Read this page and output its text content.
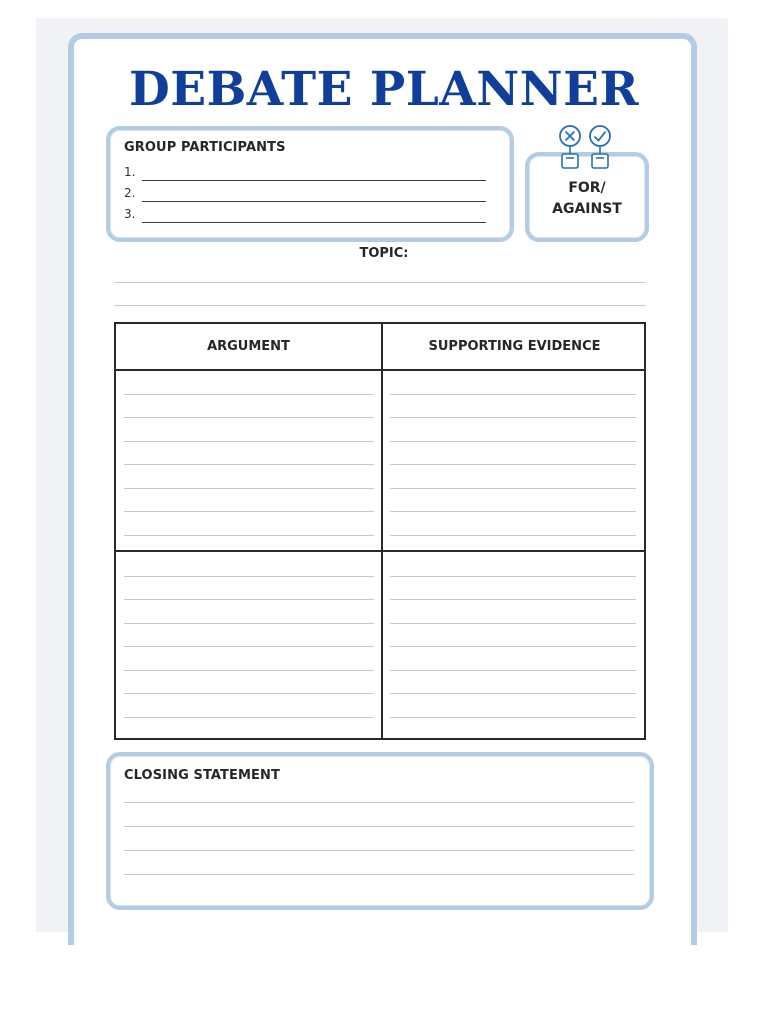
DEBATE PLANNER
GROUP PARTICIPANTS
1.
2.
3.
FOR/
AGAINST
TOPIC:
ARGUMENT	SUPPORTING EVIDENCE
CLOSING STATEMENT
